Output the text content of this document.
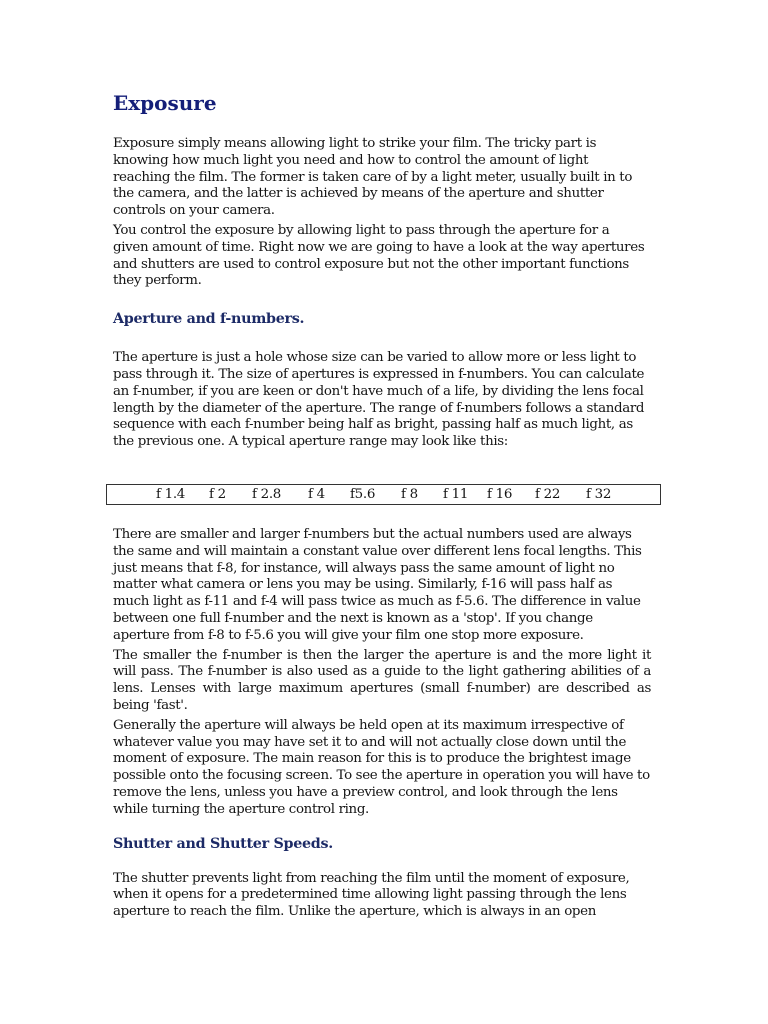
Exposure

Exposure simply means allowing light to strike your film. The tricky part is knowing how much light you need and how to control the amount of light reaching the film. The former is taken care of by a light meter, usually built in to the camera, and the latter is achieved by means of the aperture and shutter controls on your camera.

You control the exposure by allowing light to pass through the aperture for a given amount of time. Right now we are going to have a look at the way apertures and shutters are used to control exposure but not the other important functions they perform.

Aperture and f-numbers.

The aperture is just a hole whose size can be varied to allow more or less light to pass through it. The size of apertures is expressed in f-numbers. You can calculate an f-number, if you are keen or don't have much of a life, by dividing the lens focal length by the diameter of the aperture. The range of f-numbers follows a standard sequence with each f-number being half as bright, passing half as much light, as the previous one. A typical aperture range may look like this:

f 1.4 f 2 f 2.8 f 4 f5.6 f 8 f 11 f 16 f 22 f 32

There are smaller and larger f-numbers but the actual numbers used are always the same and will maintain a constant value over different lens focal lengths. This just means that f-8, for instance, will always pass the same amount of light no matter what camera or lens you may be using. Similarly, f-16 will pass half as much light as f-11 and f-4 will pass twice as much as f-5.6. The difference in value between one full f-number and the next is known as a 'stop'. If you change aperture from f-8 to f-5.6 you will give your film one stop more exposure.

The smaller the f-number is then the larger the aperture is and the more light it will pass. The f-number is also used as a guide to the light gathering abilities of a lens. Lenses with large maximum apertures (small f-number) are described as being 'fast'.

Generally the aperture will always be held open at its maximum irrespective of whatever value you may have set it to and will not actually close down until the moment of exposure. The main reason for this is to produce the brightest image possible onto the focusing screen. To see the aperture in operation you will have to remove the lens, unless you have a preview control, and look through the lens while turning the aperture control ring.

Shutter and Shutter Speeds.

The shutter prevents light from reaching the film until the moment of exposure, when it opens for a predetermined time allowing light passing through the lens aperture to reach the film. Unlike the aperture, which is always in an open
